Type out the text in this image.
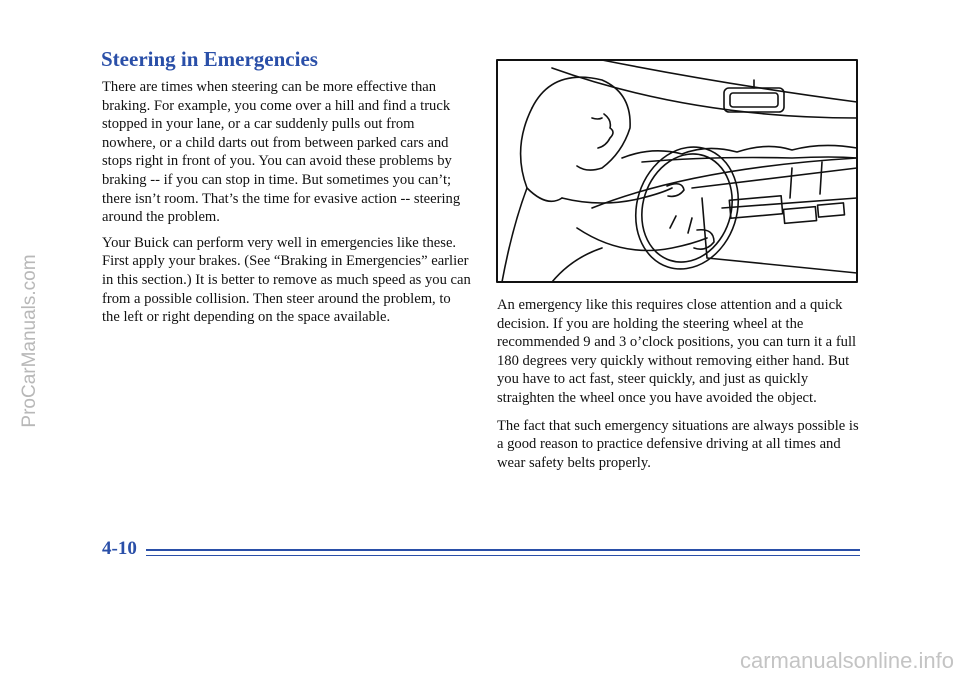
Steering in Emergencies

There are times when steering can be more effective than braking. For example, you come over a hill and find a truck stopped in your lane, or a car suddenly pulls out from nowhere, or a child darts out from between parked cars and stops right in front of you. You can avoid these problems by braking -- if you can stop in time. But sometimes you can’t; there isn’t room. That’s the time for evasive action -- steering around the problem.

Your Buick can perform very well in emergencies like these. First apply your brakes. (See “Braking in Emergencies” earlier in this section.) It is better to remove as much speed as you can from a possible collision. Then steer around the problem, to the left or right depending on the space available.

An emergency like this requires close attention and a quick decision. If you are holding the steering wheel at the recommended 9 and 3 o’clock positions, you can turn it a full 180 degrees very quickly without removing either hand. But you have to act fast, steer quickly, and just as quickly straighten the wheel once you have avoided the object.

The fact that such emergency situations are always possible is a good reason to practice defensive driving at all times and wear safety belts properly.

4-10
ProCarManuals.com
carmanualsonline.info
